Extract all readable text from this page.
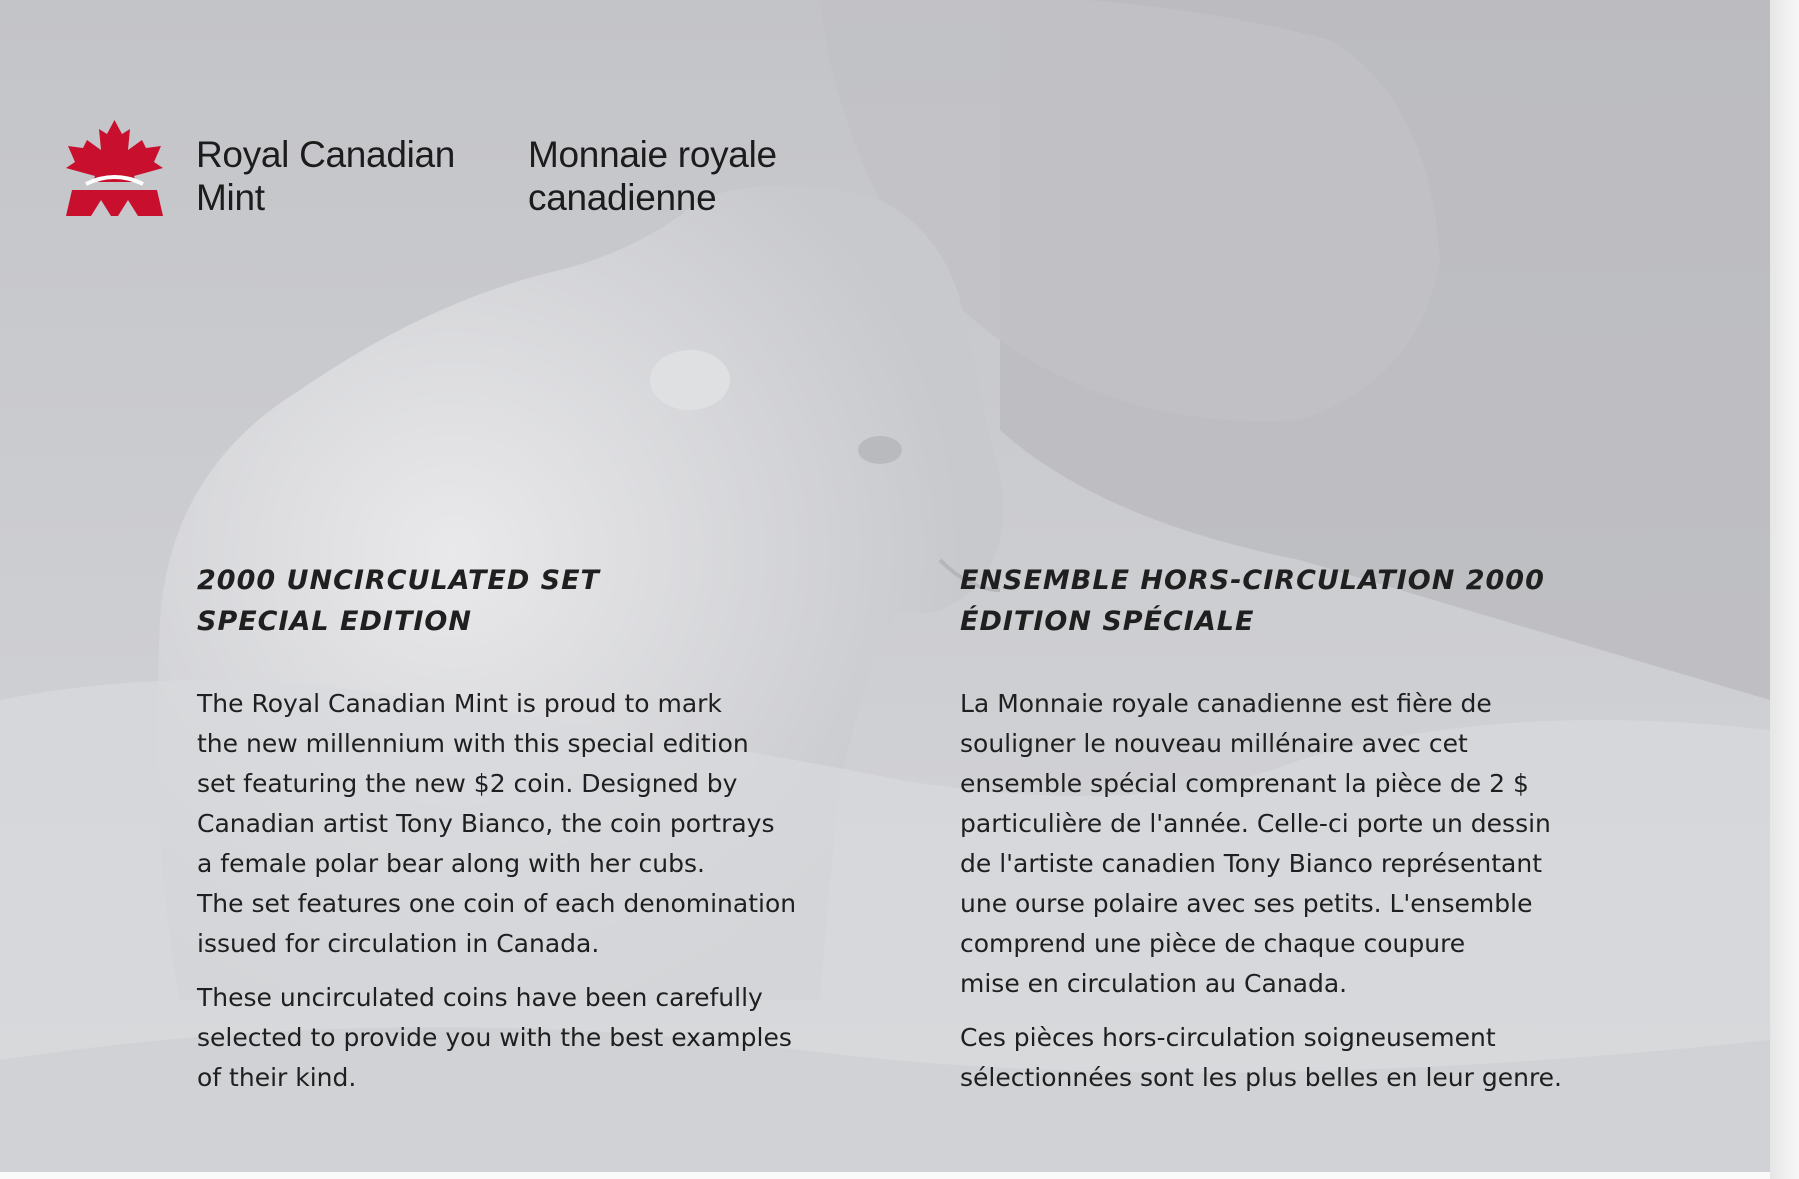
Royal Canadian
Mint
Monnaie royale
canadienne
2000 UNCIRCULATED SET
SPECIAL EDITION

The Royal Canadian Mint is proud to mark
the new millennium with this special edition
set featuring the new $2 coin. Designed by
Canadian artist Tony Bianco, the coin portrays
a female polar bear along with her cubs.
The set features one coin of each denomination
issued for circulation in Canada.

These uncirculated coins have been carefully
selected to provide you with the best examples
of their kind.

ENSEMBLE HORS-CIRCULATION 2000
ÉDITION SPÉCIALE

La Monnaie royale canadienne est fière de
souligner le nouveau millénaire avec cet
ensemble spécial comprenant la pièce de 2 $
particulière de l'année. Celle-ci porte un dessin
de l'artiste canadien Tony Bianco représentant
une ourse polaire avec ses petits. L'ensemble
comprend une pièce de chaque coupure
mise en circulation au Canada.

Ces pièces hors-circulation soigneusement
sélectionnées sont les plus belles en leur genre.
